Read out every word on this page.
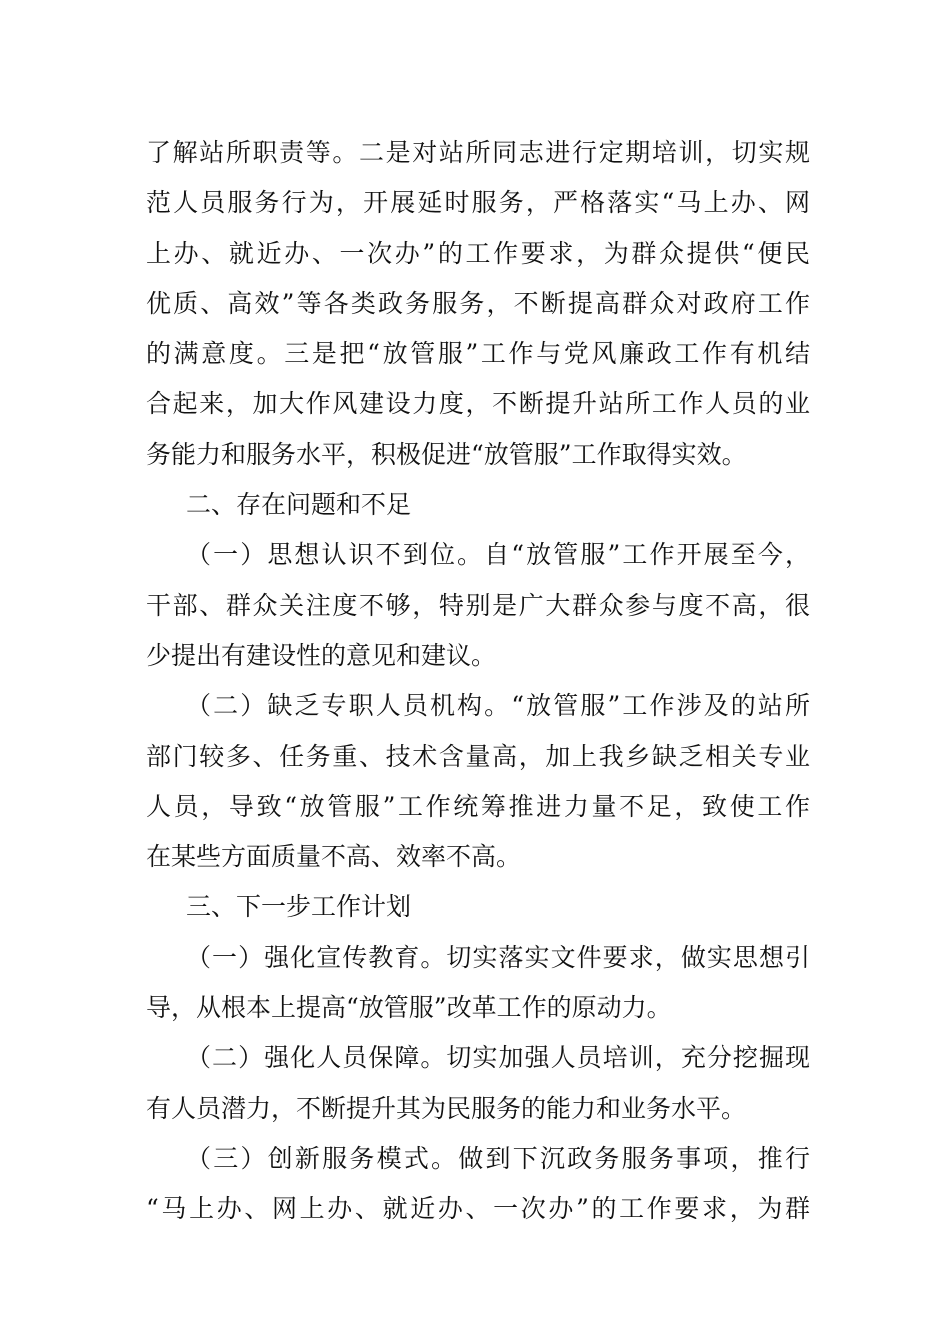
了解站所职责等。二是对站所同志进行定期培训，切实规
范人员服务行为，开展延时服务，严格落实“马上办、网
上办、就近办、一次办”的工作要求，为群众提供“便民
优质、高效”等各类政务服务，不断提高群众对政府工作
的满意度。三是把“放管服”工作与党风廉政工作有机结
合起来，加大作风建设力度，不断提升站所工作人员的业
务能力和服务水平，积极促进“放管服”工作取得实效。
二、存在问题和不足
（一）思想认识不到位。自“放管服”工作开展至今，
干部、群众关注度不够，特别是广大群众参与度不高，很
少提出有建设性的意见和建议。
（二）缺乏专职人员机构。“放管服”工作涉及的站所
部门较多、任务重、技术含量高，加上我乡缺乏相关专业
人员，导致“放管服”工作统筹推进力量不足，致使工作
在某些方面质量不高、效率不高。
三、下一步工作计划
（一）强化宣传教育。切实落实文件要求，做实思想引
导，从根本上提高“放管服”改革工作的原动力。
（二）强化人员保障。切实加强人员培训，充分挖掘现
有人员潜力，不断提升其为民服务的能力和业务水平。
（三）创新服务模式。做到下沉政务服务事项，推行
“马上办、网上办、就近办、一次办”的工作要求，为群
